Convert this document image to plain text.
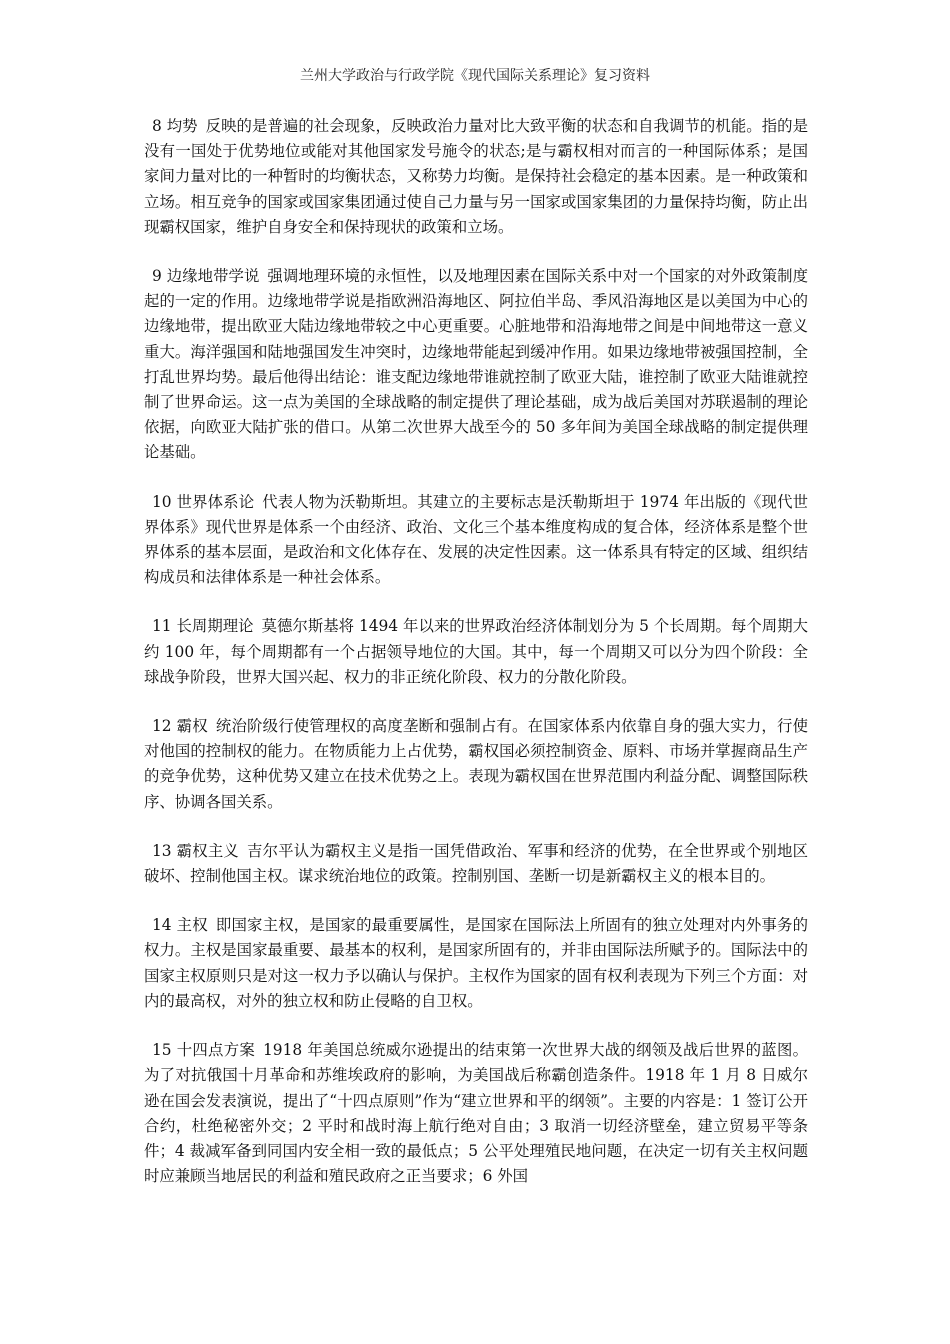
兰州大学政治与行政学院《现代国际关系理论》复习资料

8 均势 反映的是普遍的社会现象，反映政治力量对比大致平衡的状态和自我调节的机能。指的是没有一国处于优势地位或能对其他国家发号施令的状态;是与霸权相对而言的一种国际体系；是国家间力量对比的一种暂时的均衡状态，又称势力均衡。是保持社会稳定的基本因素。是一种政策和立场。相互竞争的国家或国家集团通过使自己力量与另一国家或国家集团的力量保持均衡，防止出现霸权国家，维护自身安全和保持现状的政策和立场。

9 边缘地带学说 强调地理环境的永恒性，以及地理因素在国际关系中对一个国家的对外政策制度起的一定的作用。边缘地带学说是指欧洲沿海地区、阿拉伯半岛、季风沿海地区是以美国为中心的边缘地带，提出欧亚大陆边缘地带较之中心更重要。心脏地带和沿海地带之间是中间地带这一意义重大。海洋强国和陆地强国发生冲突时，边缘地带能起到缓冲作用。如果边缘地带被强国控制，全打乱世界均势。最后他得出结论：谁支配边缘地带谁就控制了欧亚大陆，谁控制了欧亚大陆谁就控制了世界命运。这一点为美国的全球战略的制定提供了理论基础，成为战后美国对苏联遏制的理论依据，向欧亚大陆扩张的借口。从第二次世界大战至今的 50 多年间为美国全球战略的制定提供理论基础。

10 世界体系论 代表人物为沃勒斯坦。其建立的主要标志是沃勒斯坦于 1974 年出版的《现代世界体系》现代世界是体系一个由经济、政治、文化三个基本维度构成的复合体，经济体系是整个世界体系的基本层面，是政治和文化体存在、发展的决定性因素。这一体系具有特定的区域、组织结构成员和法律体系是一种社会体系。

11 长周期理论 莫德尔斯基将 1494 年以来的世界政治经济体制划分为 5 个长周期。每个周期大约 100 年，每个周期都有一个占据领导地位的大国。其中，每一个周期又可以分为四个阶段：全球战争阶段，世界大国兴起、权力的非正统化阶段、权力的分散化阶段。

12 霸权 统治阶级行使管理权的高度垄断和强制占有。在国家体系内依靠自身的强大实力，行使对他国的控制权的能力。在物质能力上占优势，霸权国必须控制资金、原料、市场并掌握商品生产的竞争优势，这种优势又建立在技术优势之上。表现为霸权国在世界范围内利益分配、调整国际秩序、协调各国关系。

13 霸权主义 吉尔平认为霸权主义是指一国凭借政治、军事和经济的优势，在全世界或个别地区破坏、控制他国主权。谋求统治地位的政策。控制别国、垄断一切是新霸权主义的根本目的。

14 主权 即国家主权，是国家的最重要属性，是国家在国际法上所固有的独立处理对内外事务的权力。主权是国家最重要、最基本的权利，是国家所固有的，并非由国际法所赋予的。国际法中的国家主权原则只是对这一权力予以确认与保护。主权作为国家的固有权利表现为下列三个方面：对内的最高权，对外的独立权和防止侵略的自卫权。

15 十四点方案 1918 年美国总统威尔逊提出的结束第一次世界大战的纲领及战后世界的蓝图。为了对抗俄国十月革命和苏维埃政府的影响，为美国战后称霸创造条件。1918 年 1 月 8 日威尔逊在国会发表演说，提出了“十四点原则”作为“建立世界和平的纲领”。主要的内容是：1 签订公开合约，杜绝秘密外交；2 平时和战时海上航行绝对自由；3 取消一切经济壁垒，建立贸易平等条件；4 裁减军备到同国内安全相一致的最低点；5 公平处理殖民地问题，在决定一切有关主权问题时应兼顾当地居民的利益和殖民政府之正当要求；6 外国
